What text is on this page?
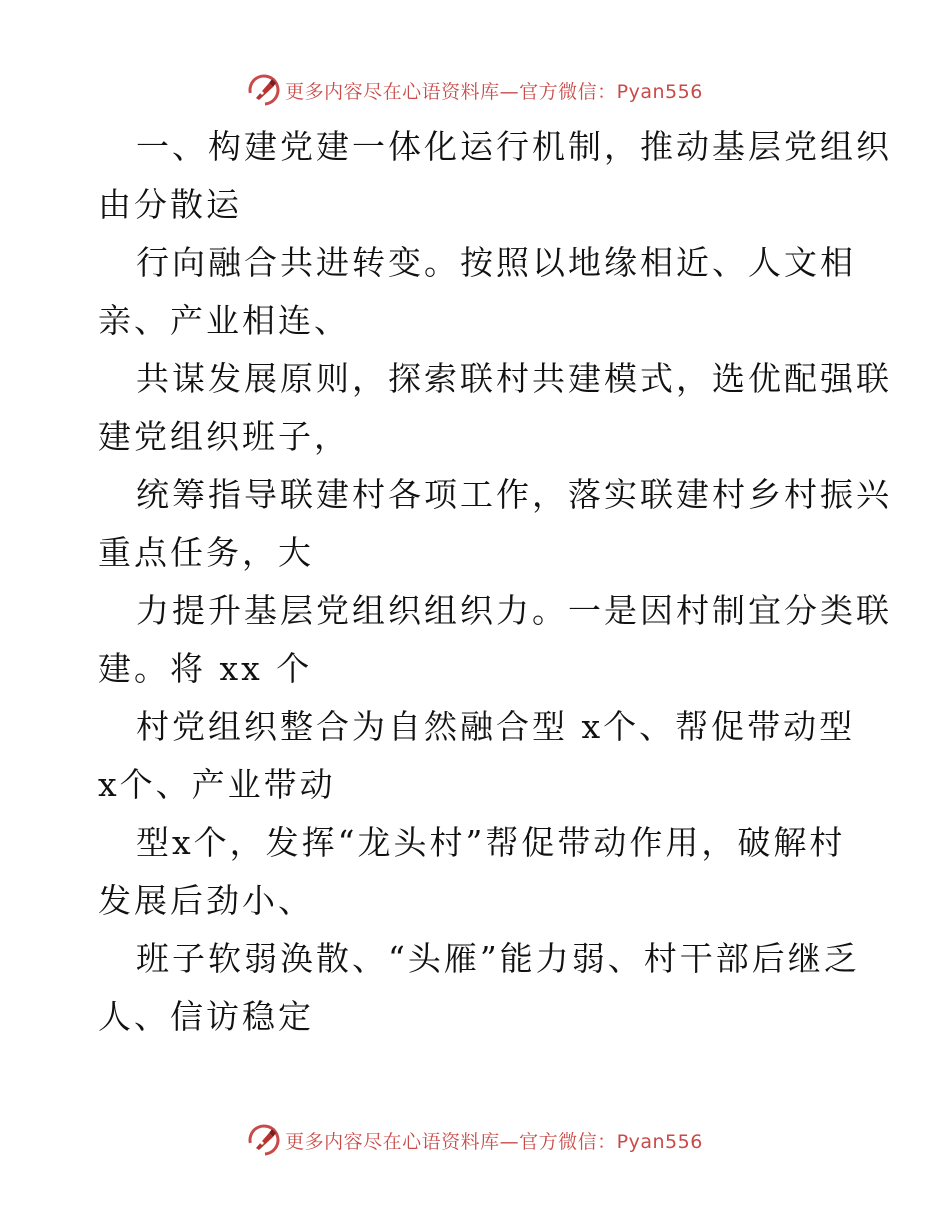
更多内容尽在心语资料库—官方微信：Pyan556
一、构建党建一体化运行机制，推动基层党组织
由分散运
行向融合共进转变。按照以地缘相近、人文相
亲、产业相连、
共谋发展原则，探索联村共建模式，选优配强联
建党组织班子，
统筹指导联建村各项工作，落实联建村乡村振兴
重点任务，大
力提升基层党组织组织力。一是因村制宜分类联
建。将 xx 个
村党组织整合为自然融合型 x个、帮促带动型
x个、产业带动
型x个，发挥“龙头村”帮促带动作用，破解村
发展后劲小、
班子软弱涣散、“头雁”能力弱、村干部后继乏
人、信访稳定
更多内容尽在心语资料库—官方微信：Pyan556
